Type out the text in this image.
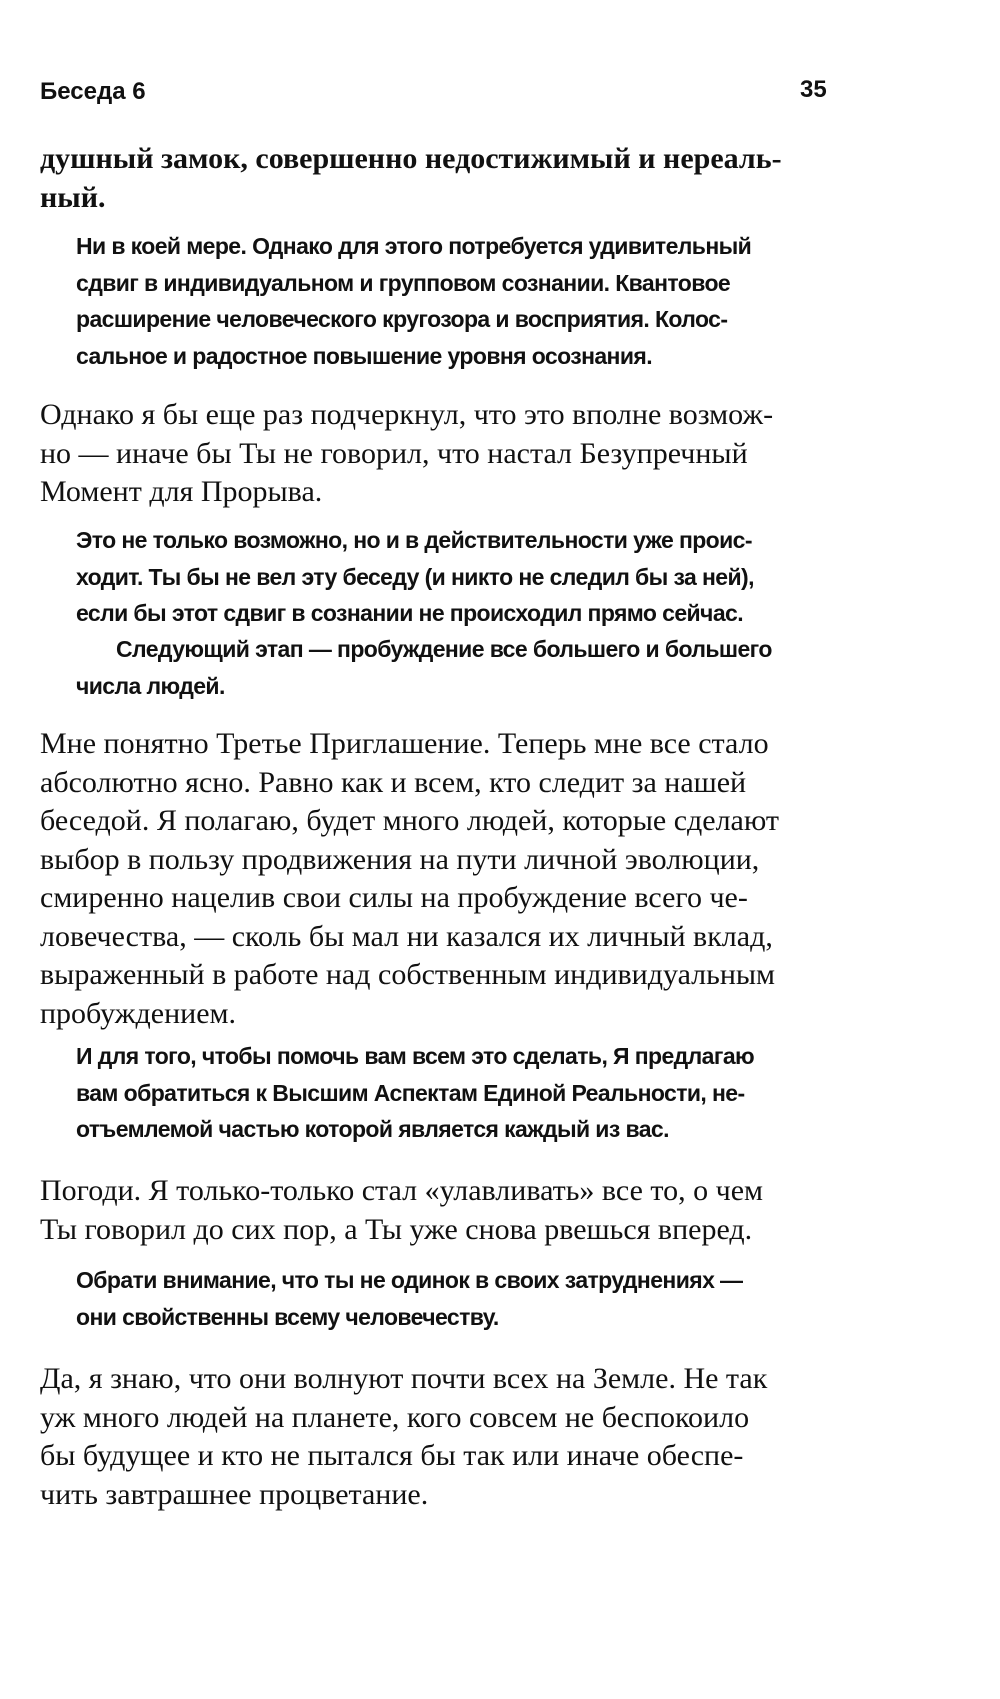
Беседа 6	35
душный замок, совершенно недостижимый и нереаль-
ный.
Ни в коей мере. Однако для этого потребуется удивительный
сдвиг в индивидуальном и групповом сознании. Квантовое
расширение человеческого кругозора и восприятия. Колос-
сальное и радостное повышение уровня осознания.
Однако я бы еще раз подчеркнул, что это вполне возмож-
но — иначе бы Ты не говорил, что настал Безупречный
Момент для Прорыва.
Это не только возможно, но и в действительности уже проис-
ходит. Ты бы не вел эту беседу (и никто не следил бы за ней),
если бы этот сдвиг в сознании не происходил прямо сейчас.
Следующий этап — пробуждение все большего и большего
числа людей.
Мне понятно Третье Приглашение. Теперь мне все стало
абсолютно ясно. Равно как и всем, кто следит за нашей
беседой. Я полагаю, будет много людей, которые сделают
выбор в пользу продвижения на пути личной эволюции,
смиренно нацелив свои силы на пробуждение всего че-
ловечества, — сколь бы мал ни казался их личный вклад,
выраженный в работе над собственным индивидуальным
пробуждением.
И для того, чтобы помочь вам всем это сделать, Я предлагаю
вам обратиться к Высшим Аспектам Единой Реальности, не-
отъемлемой частью которой является каждый из вас.
Погоди. Я только-только стал «улавливать» все то, о чем
Ты говорил до сих пор, а Ты уже снова рвешься вперед.
Обрати внимание, что ты не одинок в своих затруднениях —
они свойственны всему человечеству.
Да, я знаю, что они волнуют почти всех на Земле. Не так
уж много людей на планете, кого совсем не беспокоило
бы будущее и кто не пытался бы так или иначе обеспе-
чить завтрашнее процветание.
